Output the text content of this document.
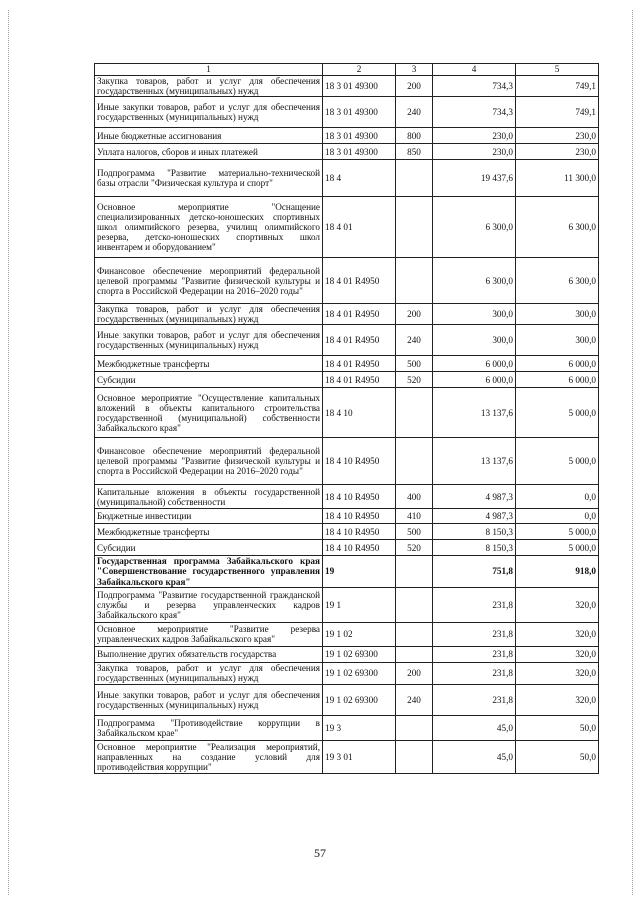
1	2	3	4	5
Закупка товаров, работ и услуг для обеспечения государственных (муниципальных) нужд	18 3 01 49300	200	734,3	749,1
Иные закупки товаров, работ и услуг для обеспечения государственных (муниципальных) нужд	18 3 01 49300	240	734,3	749,1
Иные бюджетные ассигнования	18 3 01 49300	800	230,0	230,0
Уплата налогов, сборов и иных платежей	18 3 01 49300	850	230,0	230,0
Подпрограмма "Развитие материально-технической базы отрасли "Физическая культура и спорт"	18 4		19 437,6	11 300,0
Основное мероприятие "Оснащение специализированных детско-юношеских спортивных школ олимпийского резерва, училищ олимпийского резерва, детско-юношеских спортивных школ инвентарем и оборудованием"	18 4 01		6 300,0	6 300,0
Финансовое обеспечение мероприятий федеральной целевой программы "Развитие физической культуры и спорта в Российской Федерации на 2016–2020 годы"	18 4 01 R4950		6 300,0	6 300,0
Закупка товаров, работ и услуг для обеспечения государственных (муниципальных) нужд	18 4 01 R4950	200	300,0	300,0
Иные закупки товаров, работ и услуг для обеспечения государственных (муниципальных) нужд	18 4 01 R4950	240	300,0	300,0
Межбюджетные трансферты	18 4 01 R4950	500	6 000,0	6 000,0
Субсидии	18 4 01 R4950	520	6 000,0	6 000,0
Основное мероприятие "Осуществление капитальных вложений в объекты капитального строительства государственной (муниципальной) собственности Забайкальского края"	18 4 10		13 137,6	5 000,0
Финансовое обеспечение мероприятий федеральной целевой программы "Развитие физической культуры и спорта в Российской Федерации на 2016–2020 годы"	18 4 10 R4950		13 137,6	5 000,0
Капитальные вложения в объекты государственной (муниципальной) собственности	18 4 10 R4950	400	4 987,3	0,0
Бюджетные инвестиции	18 4 10 R4950	410	4 987,3	0,0
Межбюджетные трансферты	18 4 10 R4950	500	8 150,3	5 000,0
Субсидии	18 4 10 R4950	520	8 150,3	5 000,0
Государственная программа Забайкальского края "Совершенствование государственного управления Забайкальского края"	19		751,8	918,0
Подпрограмма "Развитие государственной гражданской службы и резерва управленческих кадров Забайкальского края"	19 1		231,8	320,0
Основное мероприятие "Развитие резерва управленческих кадров Забайкальского края"	19 1 02		231,8	320,0
Выполнение других обязательств государства	19 1 02 69300		231,8	320,0
Закупка товаров, работ и услуг для обеспечения государственных (муниципальных) нужд	19 1 02 69300	200	231,8	320,0
Иные закупки товаров, работ и услуг для обеспечения государственных (муниципальных) нужд	19 1 02 69300	240	231,8	320,0
Подпрограмма "Противодействие коррупции в Забайкальском крае"	19 3		45,0	50,0
Основное мероприятие "Реализация мероприятий, направленных на создание условий для противодействия коррупции"	19 3 01		45,0	50,0
57
